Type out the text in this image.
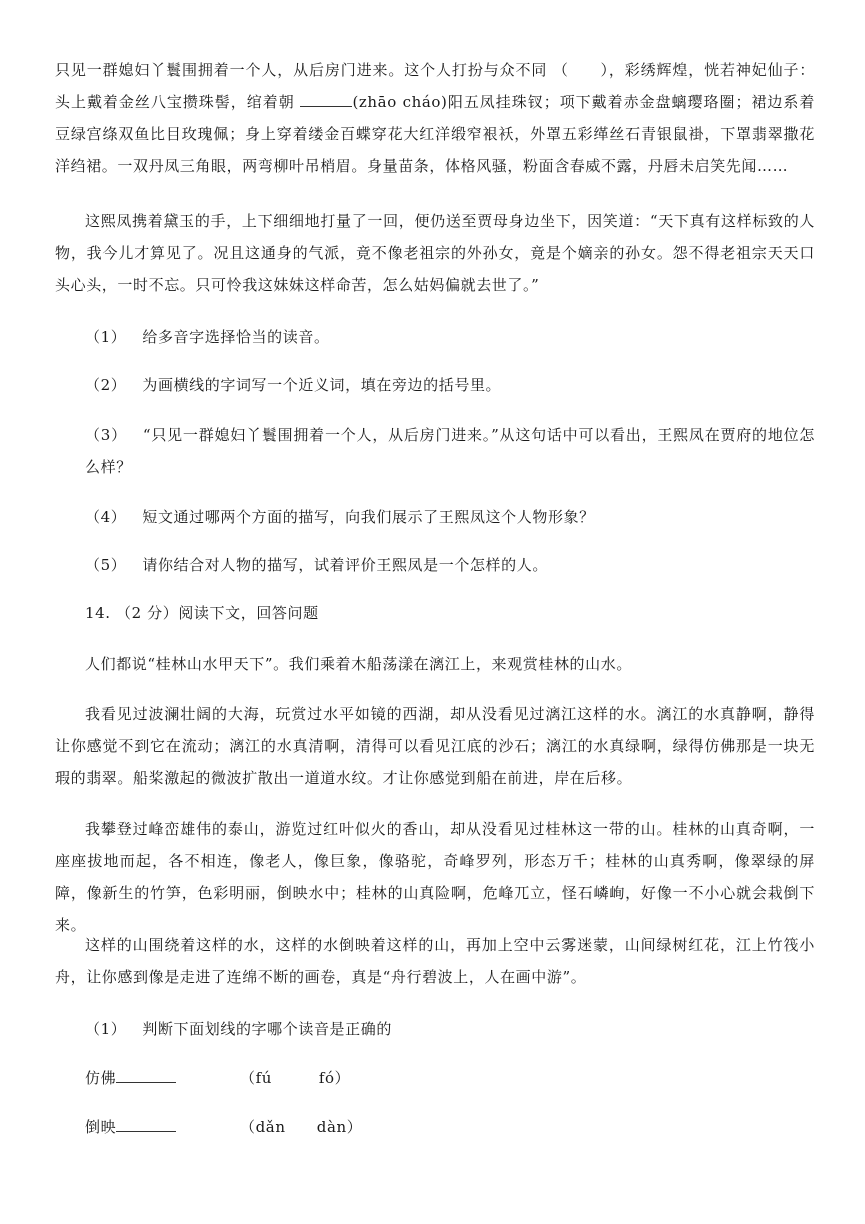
只见一群媳妇丫鬟围拥着一个人，从后房门进来。这个人打扮与众不同 （　　），彩绣辉煌，恍若神妃仙子：头上戴着金丝八宝攒珠髻，绾着朝	(zhāo cháo)阳五凤挂珠钗；项下戴着赤金盘螭璎珞圈；裙边系着豆绿宫绦双鱼比目玫瑰佩；身上穿着缕金百蝶穿花大红洋缎窄裉袄，外罩五彩缂丝石青银鼠褂，下罩翡翠撒花洋绉裙。一双丹凤三角眼，两弯柳叶吊梢眉。身量苗条，体格风骚，粉面含春威不露，丹唇未启笑先闻……
这熙凤携着黛玉的手，上下细细地打量了一回，便仍送至贾母身边坐下，因笑道：“天下真有这样标致的人物，我今儿才算见了。况且这通身的气派，竟不像老祖宗的外孙女，竟是个嫡亲的孙女。怨不得老祖宗天天口头心头，一时不忘。只可怜我这妹妹这样命苦，怎么姑妈偏就去世了。”
（1） 给多音字选择恰当的读音。
（2） 为画横线的字词写一个近义词，填在旁边的括号里。
（3） “只见一群媳妇丫鬟围拥着一个人，从后房门进来。”从这句话中可以看出，王熙凤在贾府的地位怎么样？
（4） 短文通过哪两个方面的描写，向我们展示了王熙凤这个人物形象？
（5） 请你结合对人物的描写，试着评价王熙凤是一个怎样的人。
14. （2 分）阅读下文，回答问题
人们都说“桂林山水甲天下”。我们乘着木船荡漾在漓江上，来观赏桂林的山水。
我看见过波澜壮阔的大海，玩赏过水平如镜的西湖，却从没看见过漓江这样的水。漓江的水真静啊，静得让你感觉不到它在流动；漓江的水真清啊，清得可以看见江底的沙石；漓江的水真绿啊，绿得仿佛那是一块无瑕的翡翠。船桨激起的微波扩散出一道道水纹。才让你感觉到船在前进，岸在后移。
我攀登过峰峦雄伟的泰山，游览过红叶似火的香山，却从没看见过桂林这一带的山。桂林的山真奇啊，一座座拔地而起，各不相连，像老人，像巨象，像骆驼，奇峰罗列，形态万千；桂林的山真秀啊，像翠绿的屏障，像新生的竹笋，色彩明丽，倒映水中；桂林的山真险啊，危峰兀立，怪石嶙峋，好像一不小心就会栽倒下来。
这样的山围绕着这样的水，这样的水倒映着这样的山，再加上空中云雾迷蒙，山间绿树红花，江上竹筏小舟，让你感到像是走进了连绵不断的画卷，真是“舟行碧波上，人在画中游”。
（1） 判断下面划线的字哪个读音是正确的
仿佛	（fú　　　fó）
倒映	（dǎn　　dàn）
